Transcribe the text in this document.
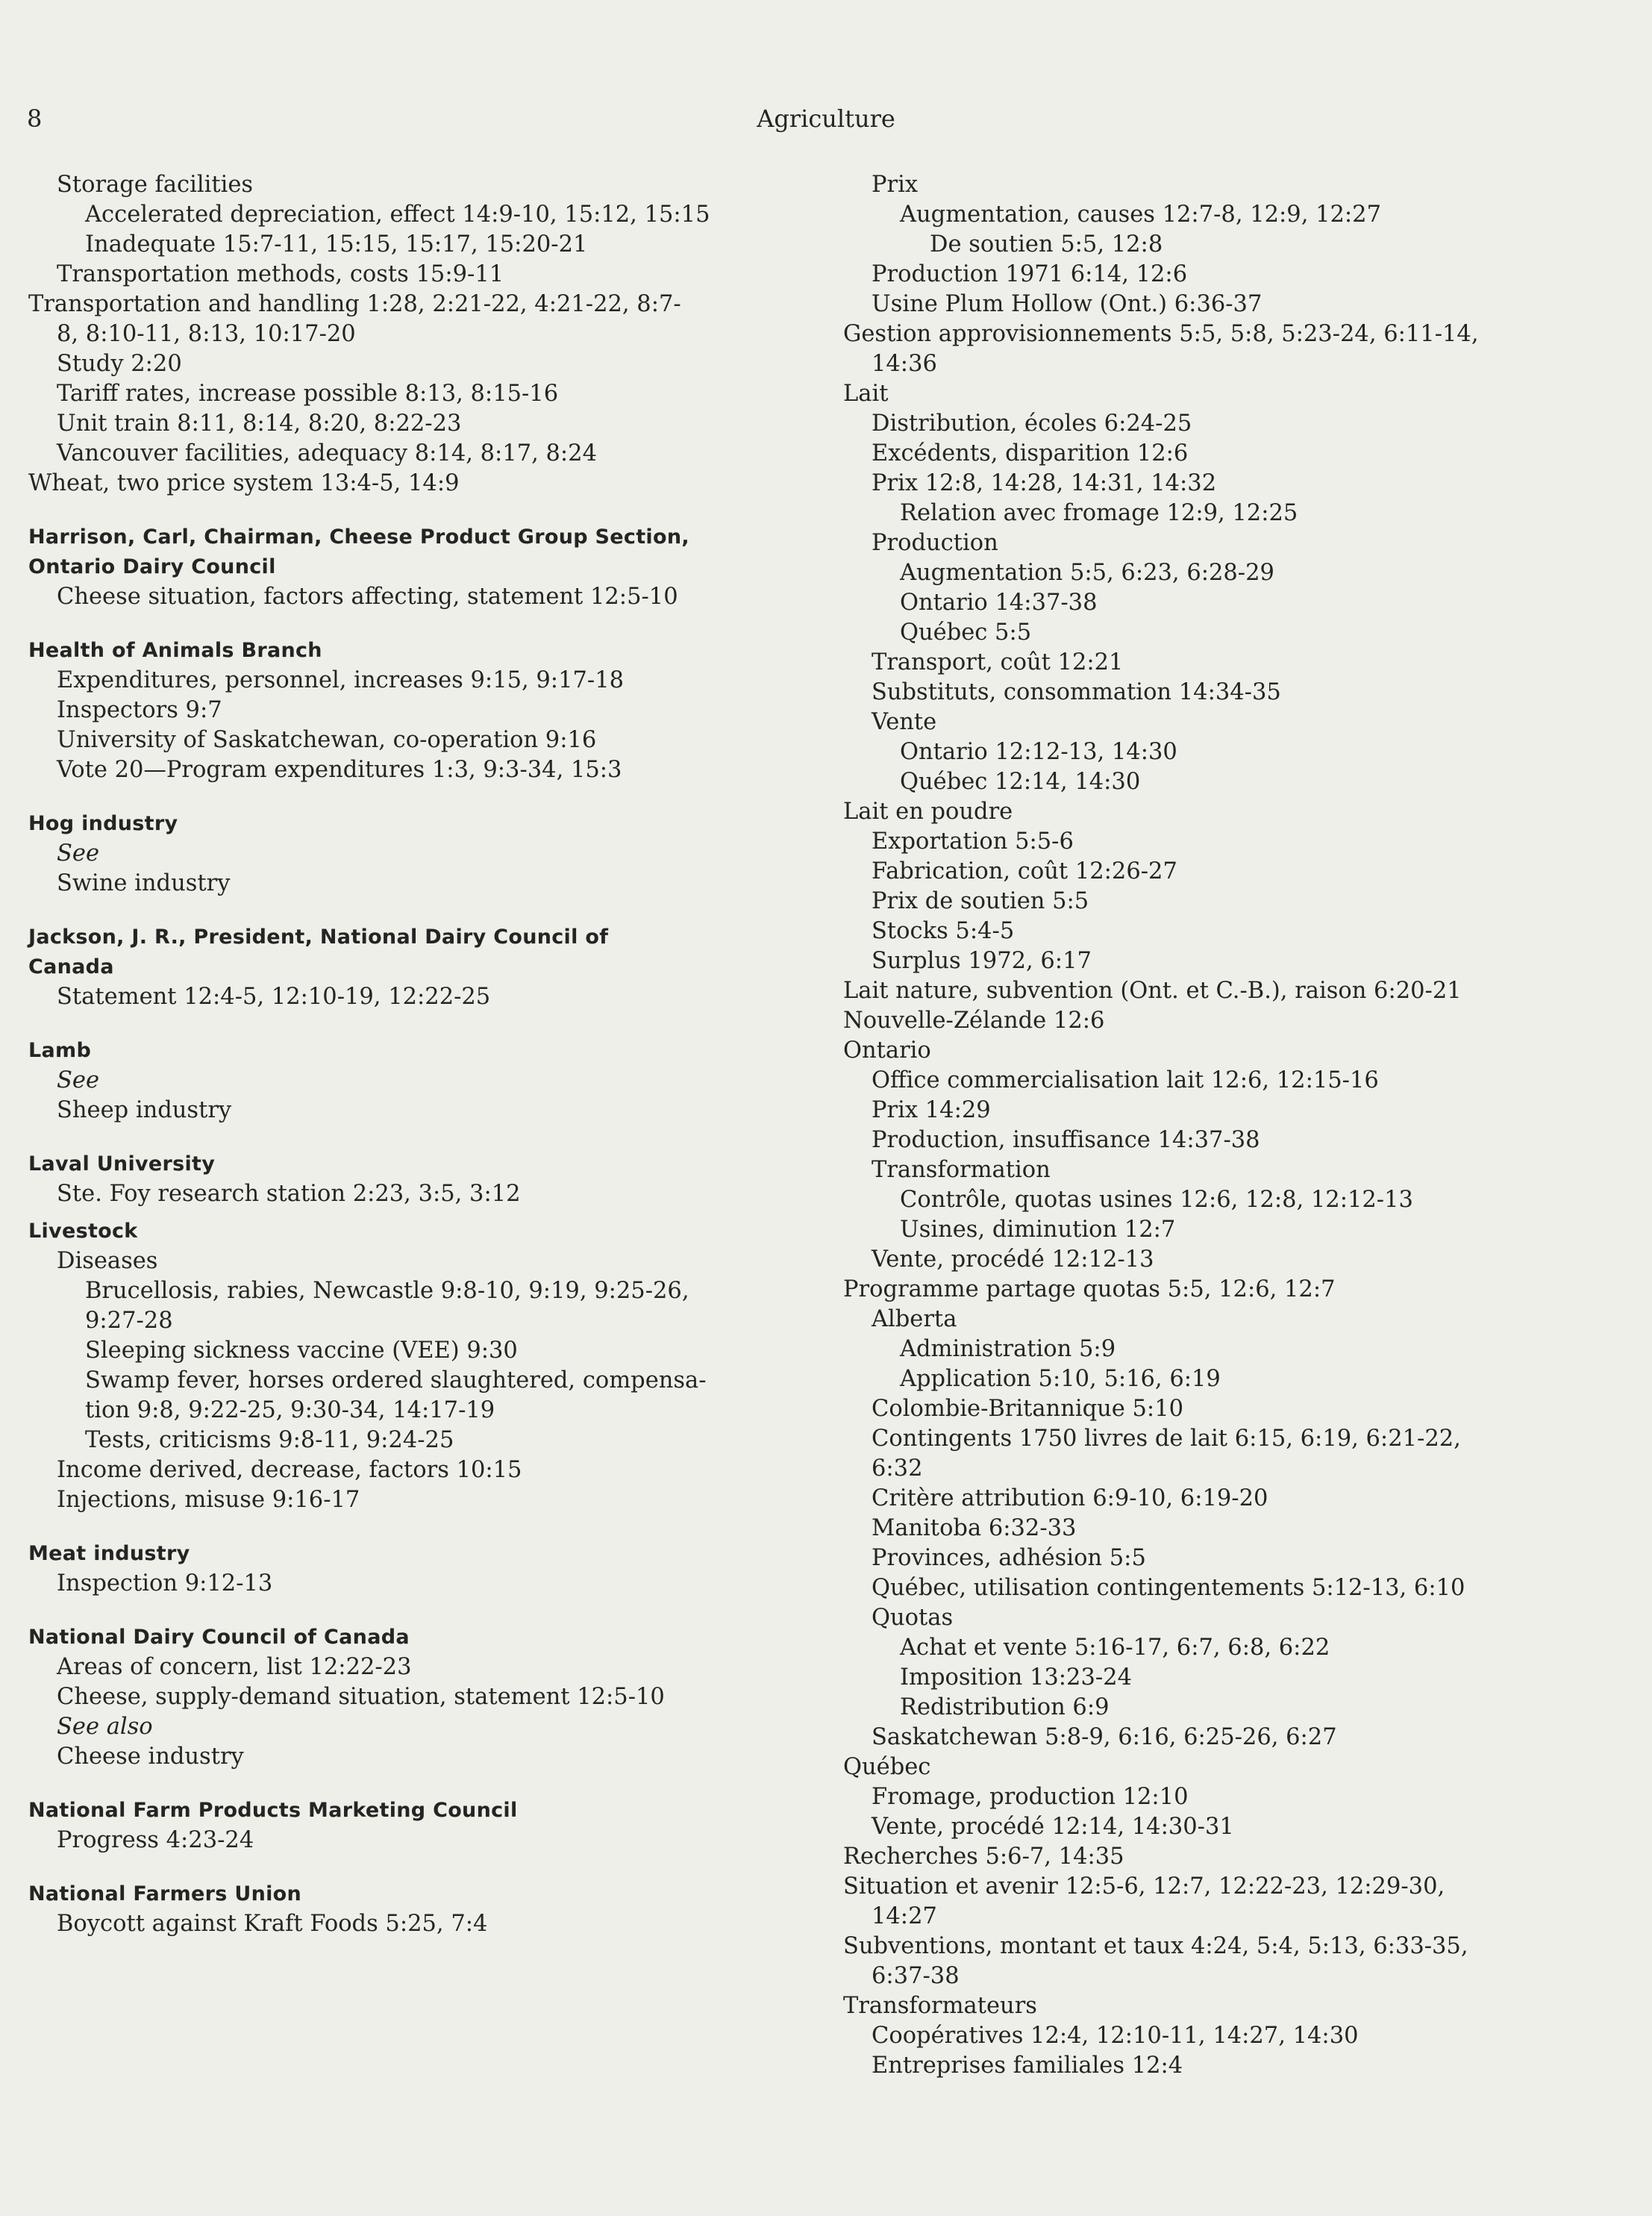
8	Agriculture
Storage facilities
Accelerated depreciation, effect 14:9-10, 15:12, 15:15
Inadequate 15:7-11, 15:15, 15:17, 15:20-21
Transportation methods, costs 15:9-11
Transportation and handling 1:28, 2:21-22, 4:21-22, 8:7-
8, 8:10-11, 8:13, 10:17-20
Study 2:20
Tariff rates, increase possible 8:13, 8:15-16
Unit train 8:11, 8:14, 8:20, 8:22-23
Vancouver facilities, adequacy 8:14, 8:17, 8:24
Wheat, two price system 13:4-5, 14:9
Harrison, Carl, Chairman, Cheese Product Group Section,
Ontario Dairy Council
Cheese situation, factors affecting, statement 12:5-10
Health of Animals Branch
Expenditures, personnel, increases 9:15, 9:17-18
Inspectors 9:7
University of Saskatchewan, co-operation 9:16
Vote 20—Program expenditures 1:3, 9:3-34, 15:3
Hog industry
See
Swine industry
Jackson, J. R., President, National Dairy Council of
Canada
Statement 12:4-5, 12:10-19, 12:22-25
Lamb
See
Sheep industry
Laval University
Ste. Foy research station 2:23, 3:5, 3:12
Livestock
Diseases
Brucellosis, rabies, Newcastle 9:8-10, 9:19, 9:25-26,
9:27-28
Sleeping sickness vaccine (VEE) 9:30
Swamp fever, horses ordered slaughtered, compensa-
tion 9:8, 9:22-25, 9:30-34, 14:17-19
Tests, criticisms 9:8-11, 9:24-25
Income derived, decrease, factors 10:15
Injections, misuse 9:16-17
Meat industry
Inspection 9:12-13
National Dairy Council of Canada
Areas of concern, list 12:22-23
Cheese, supply-demand situation, statement 12:5-10
See also
Cheese industry
National Farm Products Marketing Council
Progress 4:23-24
National Farmers Union
Boycott against Kraft Foods 5:25, 7:4
Prix
Augmentation, causes 12:7-8, 12:9, 12:27
De soutien 5:5, 12:8
Production 1971 6:14, 12:6
Usine Plum Hollow (Ont.) 6:36-37
Gestion approvisionnements 5:5, 5:8, 5:23-24, 6:11-14,
14:36
Lait
Distribution, écoles 6:24-25
Excédents, disparition 12:6
Prix 12:8, 14:28, 14:31, 14:32
Relation avec fromage 12:9, 12:25
Production
Augmentation 5:5, 6:23, 6:28-29
Ontario 14:37-38
Québec 5:5
Transport, coût 12:21
Substituts, consommation 14:34-35
Vente
Ontario 12:12-13, 14:30
Québec 12:14, 14:30
Lait en poudre
Exportation 5:5-6
Fabrication, coût 12:26-27
Prix de soutien 5:5
Stocks 5:4-5
Surplus 1972, 6:17
Lait nature, subvention (Ont. et C.-B.), raison 6:20-21
Nouvelle-Zélande 12:6
Ontario
Office commercialisation lait 12:6, 12:15-16
Prix 14:29
Production, insuffisance 14:37-38
Transformation
Contrôle, quotas usines 12:6, 12:8, 12:12-13
Usines, diminution 12:7
Vente, procédé 12:12-13
Programme partage quotas 5:5, 12:6, 12:7
Alberta
Administration 5:9
Application 5:10, 5:16, 6:19
Colombie-Britannique 5:10
Contingents 1750 livres de lait 6:15, 6:19, 6:21-22,
6:32
Critère attribution 6:9-10, 6:19-20
Manitoba 6:32-33
Provinces, adhésion 5:5
Québec, utilisation contingentements 5:12-13, 6:10
Quotas
Achat et vente 5:16-17, 6:7, 6:8, 6:22
Imposition 13:23-24
Redistribution 6:9
Saskatchewan 5:8-9, 6:16, 6:25-26, 6:27
Québec
Fromage, production 12:10
Vente, procédé 12:14, 14:30-31
Recherches 5:6-7, 14:35
Situation et avenir 12:5-6, 12:7, 12:22-23, 12:29-30,
14:27
Subventions, montant et taux 4:24, 5:4, 5:13, 6:33-35,
6:37-38
Transformateurs
Coopératives 12:4, 12:10-11, 14:27, 14:30
Entreprises familiales 12:4
